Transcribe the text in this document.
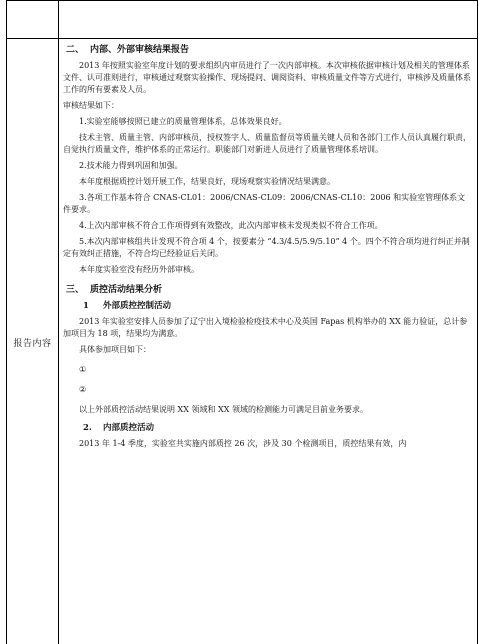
报告内容
二、 内部、外部审核结果报告

2013 年按照实验室年度计划的要求组织内审员进行了一次内部审核。本次审核依据审核计划及相关的管理体系文件、认可准则进行，审核通过观察实验操作、现场提问、调阅资料、审核质量文件等方式进行，审核涉及质量体系工作的所有要素及人员。

审核结果如下：

1.实验室能够按照已建立的质量管理体系，总体效果良好。

技术主管、质量主管、内部审核员，授权签字人、质量监督员等质量关键人员和各部门工作人员认真履行职责，自觉执行质量文件，维护体系的正常运行。职能部门对新进人员进行了质量管理体系培训。

2.技术能力得到巩固和加强。

本年度根据质控计划开展工作，结果良好，现场观察实验情况结果满意。

3.各项工作基本符合 CNAS-CL01：2006/CNAS-CL09：2006/CNAS-CL10：2006 和实验室管理体系文件要求。

4.上次内部审核不符合工作项得到有效整改，此次内部审核未发现类似不符合工作项。

5.本次内部审核组共计发现不符合项 4 个，按要素分 “4.3/4.5/5.9/5.10” 4 个。四个不符合项均进行纠正并制定有效纠正措施，不符合均已经验证后关闭。

本年度实验室没有经历外部审核。

三、 质控活动结果分析
1 外部质控控制活动

2013 年实验室安排人员参加了辽宁出入境检验检疫技术中心及英国 Fapas 机构举办的 XX 能力验证，总计参加项目为 18 项，结果均为满意。

具体参加项目如下：

①

②

以上外部质控活动结果说明 XX 领域和 XX 领域的检测能力可满足目前业务要求。

2. 内部质控活动

2013 年 1-4 季度，实验室共实施内部质控 26 次，涉及 30 个检测项目，质控结果有效，内
